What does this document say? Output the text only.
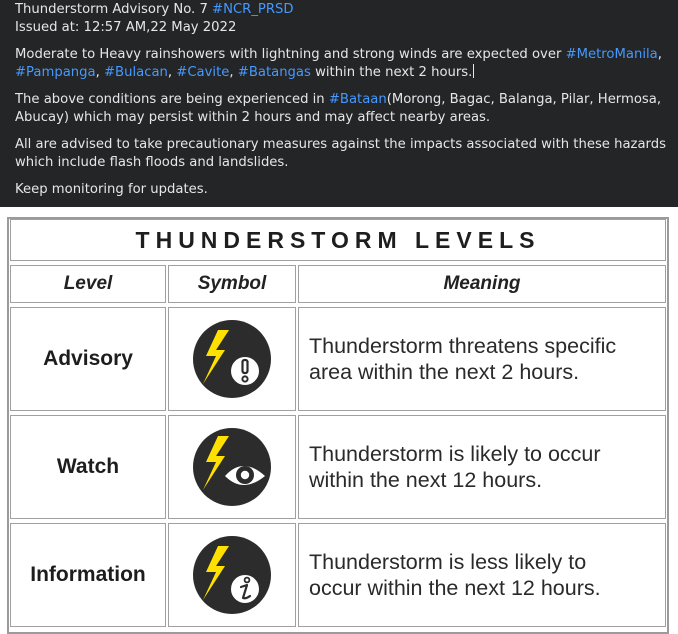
Thunderstorm Advisory No. 7 #NCR_PRSD

Issued at: 12:57 AM,22 May 2022

Moderate to Heavy rainshowers with lightning and strong winds are expected over #MetroManila,
#Pampanga, #Bulacan, #Cavite, #Batangas within the next 2 hours.

The above conditions are being experienced in #Bataan(Morong, Bagac, Balanga, Pilar, Hermosa, Abucay) which may persist within 2 hours and may affect nearby areas.

All are advised to take precautionary measures against the impacts associated with these hazards which include flash floods and landslides.

Keep monitoring for updates.

THUNDERSTORM LEVELS
Level	Symbol	Meaning
Advisory
Thunderstorm threatens specific
area within the next 2 hours.
Watch
Thunderstorm is likely to occur
within the next 12 hours.
Information
Thunderstorm is less likely to
occur within the next 12 hours.
